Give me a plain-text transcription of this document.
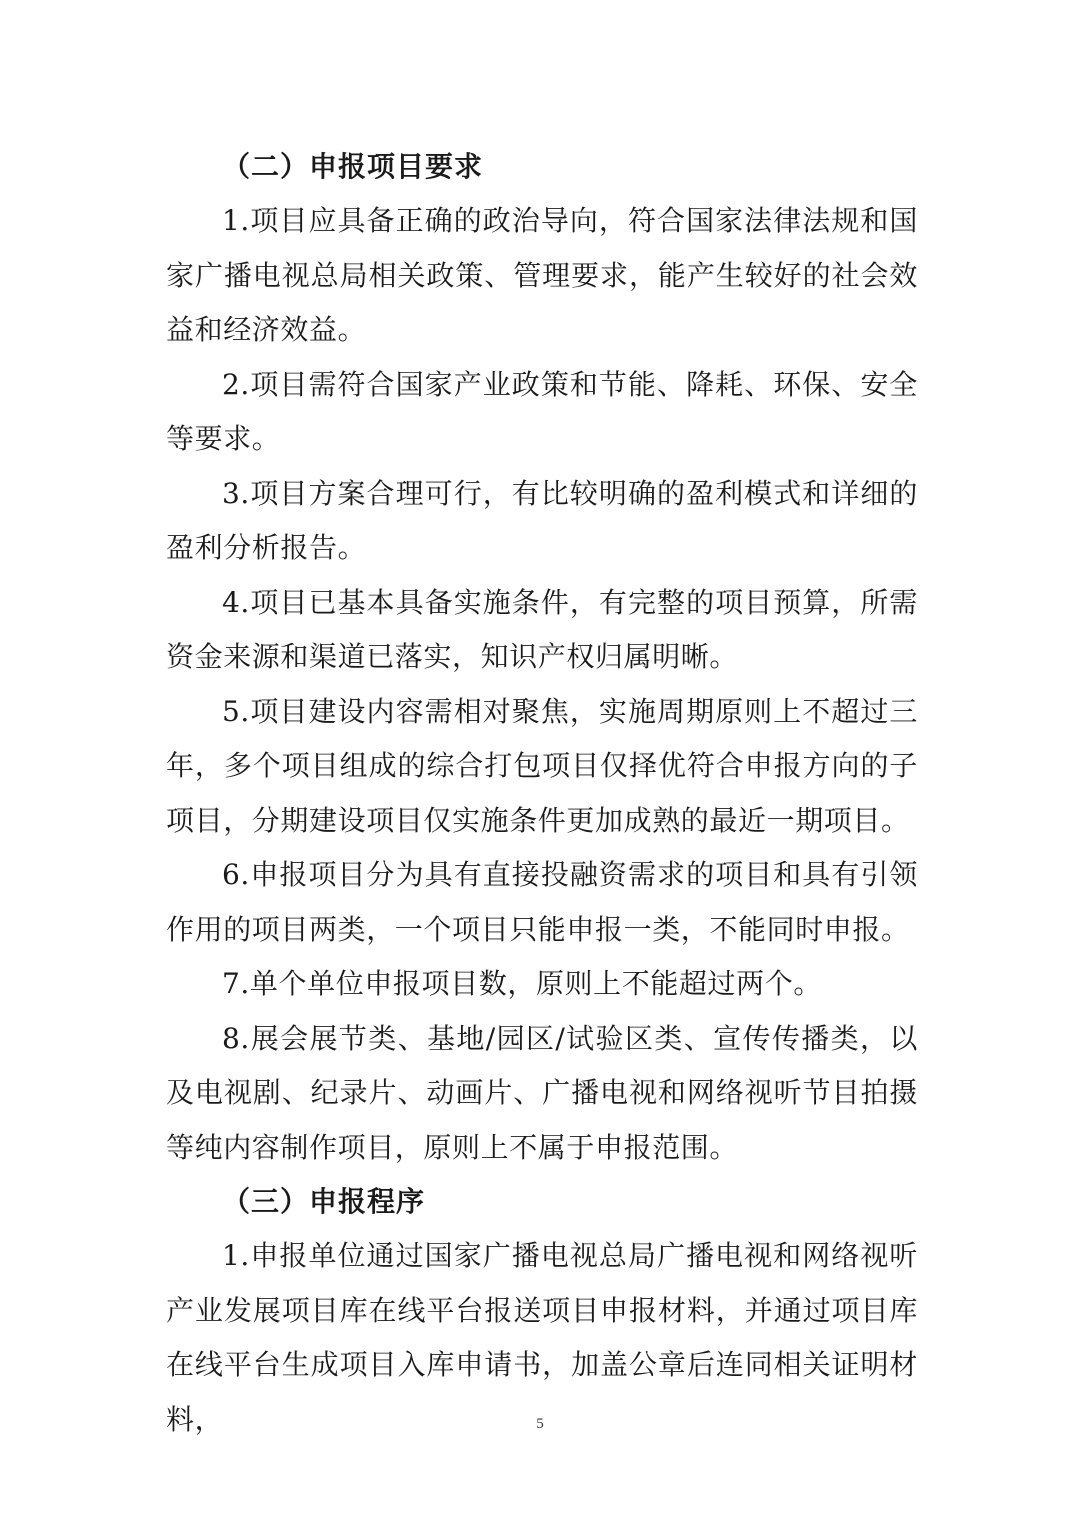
（二）申报项目要求

1.项目应具备正确的政治导向，符合国家法律法规和国家广播电视总局相关政策、管理要求，能产生较好的社会效益和经济效益。

2.项目需符合国家产业政策和节能、降耗、环保、安全等要求。

3.项目方案合理可行，有比较明确的盈利模式和详细的盈利分析报告。

4.项目已基本具备实施条件，有完整的项目预算，所需资金来源和渠道已落实，知识产权归属明晰。

5.项目建设内容需相对聚焦，实施周期原则上不超过三年，多个项目组成的综合打包项目仅择优符合申报方向的子项目，分期建设项目仅实施条件更加成熟的最近一期项目。

6.申报项目分为具有直接投融资需求的项目和具有引领作用的项目两类，一个项目只能申报一类，不能同时申报。

7.单个单位申报项目数，原则上不能超过两个。

8.展会展节类、基地/园区/试验区类、宣传传播类，以及电视剧、纪录片、动画片、广播电视和网络视听节目拍摄等纯内容制作项目，原则上不属于申报范围。

（三）申报程序

1.申报单位通过国家广播电视总局广播电视和网络视听产业发展项目库在线平台报送项目申报材料，并通过项目库在线平台生成项目入库申请书，加盖公章后连同相关证明材料，	5
